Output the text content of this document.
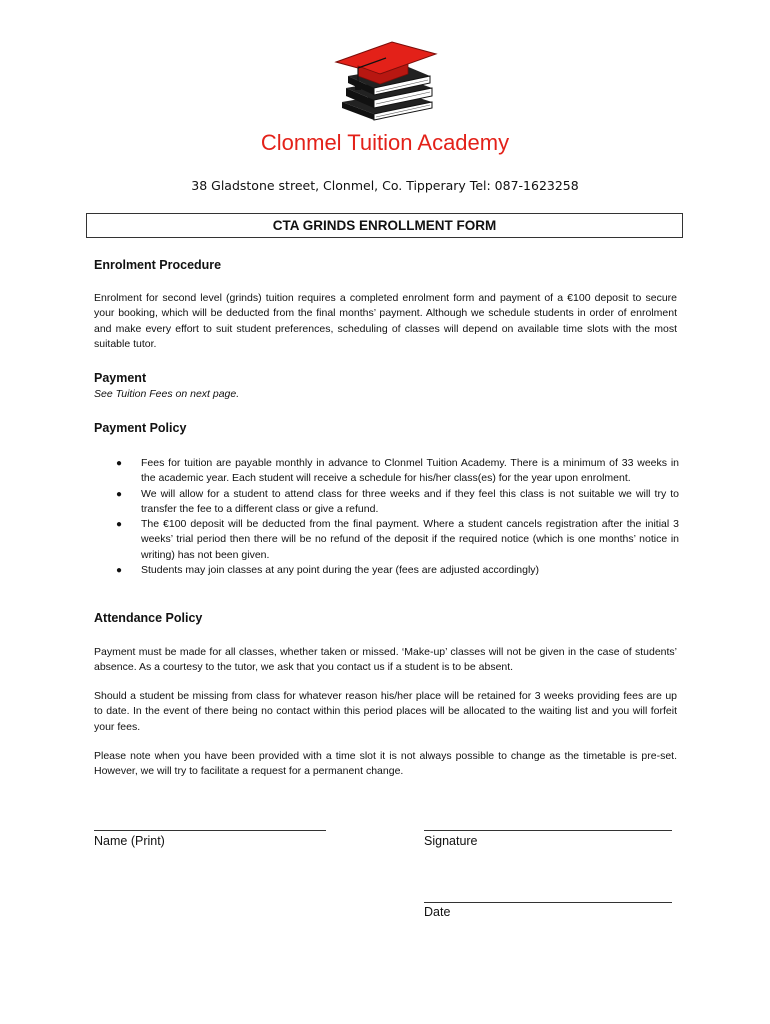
Clonmel Tuition Academy
38 Gladstone street, Clonmel, Co. Tipperary Tel: 087-1623258
CTA GRINDS ENROLLMENT FORM
Enrolment Procedure
Enrolment for second level (grinds) tuition requires a completed enrolment form and payment of a €100 deposit to secure your booking, which will be deducted from the final months’ payment. Although we schedule students in order of enrolment and make every effort to suit student preferences, scheduling of classes will depend on available time slots with the most suitable tutor.
Payment
See Tuition Fees on next page.
Payment Policy
● Fees for tuition are payable monthly in advance to Clonmel Tuition Academy. There is a minimum of 33 weeks in the academic year. Each student will receive a schedule for his/her class(es) for the year upon enrolment.
● We will allow for a student to attend class for three weeks and if they feel this class is not suitable we will try to transfer the fee to a different class or give a refund.
● The €100 deposit will be deducted from the final payment. Where a student cancels registration after the initial 3 weeks’ trial period then there will be no refund of the deposit if the required notice (which is one months’ notice in writing) has not been given.
● Students may join classes at any point during the year (fees are adjusted accordingly)
Attendance Policy
Payment must be made for all classes, whether taken or missed. ‘Make-up’ classes will not be given in the case of students’ absence. As a courtesy to the tutor, we ask that you contact us if a student is to be absent.
Should a student be missing from class for whatever reason his/her place will be retained for 3 weeks providing fees are up to date. In the event of there being no contact within this period places will be allocated to the waiting list and you will forfeit your fees.
Please note when you have been provided with a time slot it is not always possible to change as the timetable is pre-set. However, we will try to facilitate a request for a permanent change.
Name (Print)	Signature
Date
